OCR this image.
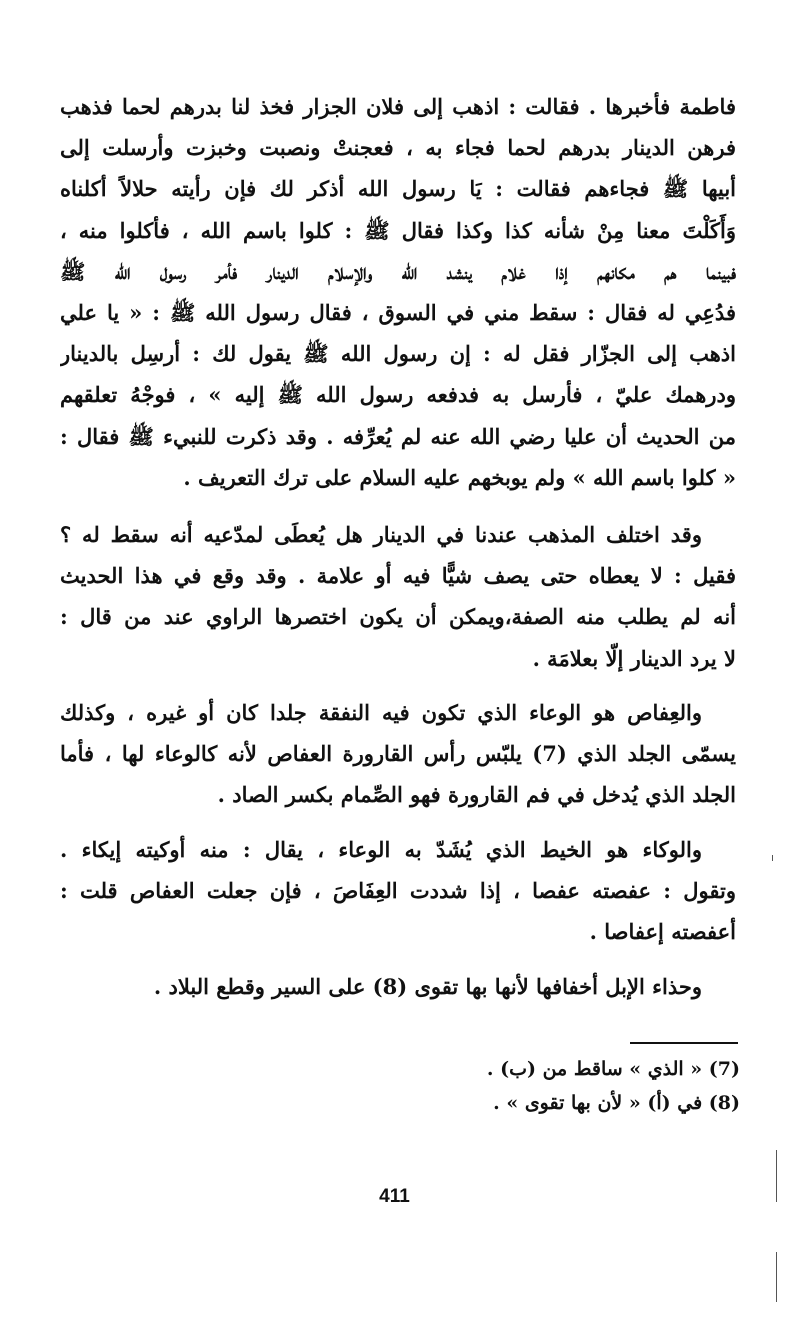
فاطمة فأخبرها . فقالت : اذهب إلى فلان الجزار فخذ لنا بدرهم لحما فذهب
فرهن الدينار بدرهم لحما فجاء به ، فعجنتْ ونصبت وخبزت وأرسلت إلى
أبيها ﷺ فجاءهم فقالت : يَا رسول الله أذكر لك فإن رأيته حلالاً أكلناه
وَأَكَلْتَ معنا مِنْ شأنه كذا وكذا فقال ﷺ : كلوا باسم الله ، فأكلوا منه ،
فبينما هم مكانهم إذا غلام ينشد الله والإسلام الدينار فأمر رسول الله ﷺ
فدُعِي له فقال : سقط مني في السوق ، فقال رسول الله ﷺ : « يا علي
اذهب إلى الجزّار فقل له : إن رسول الله ﷺ يقول لك : أرسِل بالدينار
ودرهمك عليّ ، فأرسل به فدفعه رسول الله ﷺ إليه » ، فوجْهُ تعلقهم
من الحديث أن عليا رضي الله عنه لم يُعرِّفه . وقد ذكرت للنبيء ﷺ فقال :
« كلوا باسم الله » ولم يوبخهم عليه السلام على ترك التعريف .
وقد اختلف المذهب عندنا في الدينار هل يُعطَى لمدّعيه أنه سقط له ؟
فقيل : لا يعطاه حتى يصف شيًّا فيه أو علامة . وقد وقع في هذا الحديث
أنه لم يطلب منه الصفة،ويمكن أن يكون اختصرها الراوي عند من قال :
لا يرد الدينار إلّا بعلامَة .
والعِفاص هو الوعاء الذي تكون فيه النفقة جلدا كان أو غيره ، وكذلك
يسمّى الجلد الذي (7) يلبّس رأس القارورة العفاص لأنه كالوعاء لها ، فأما
الجلد الذي يُدخل في فم القارورة فهو الصِّمام بكسر الصاد .
والوكاء هو الخيط الذي يُشَدّ به الوعاء ، يقال : منه أوكيته إيكاء .
وتقول : عفصته عفصا ، إذا شددت العِفَاصَ ، فإن جعلت العفاص قلت :
أعفصته إعفاصا .
وحذاء الإبل أخفافها لأنها بها تقوى (8) على السير وقطع البلاد .
(7) « الذي » ساقط من (ب) .
(8) في (أ) « لأن بها تقوى » .
411
